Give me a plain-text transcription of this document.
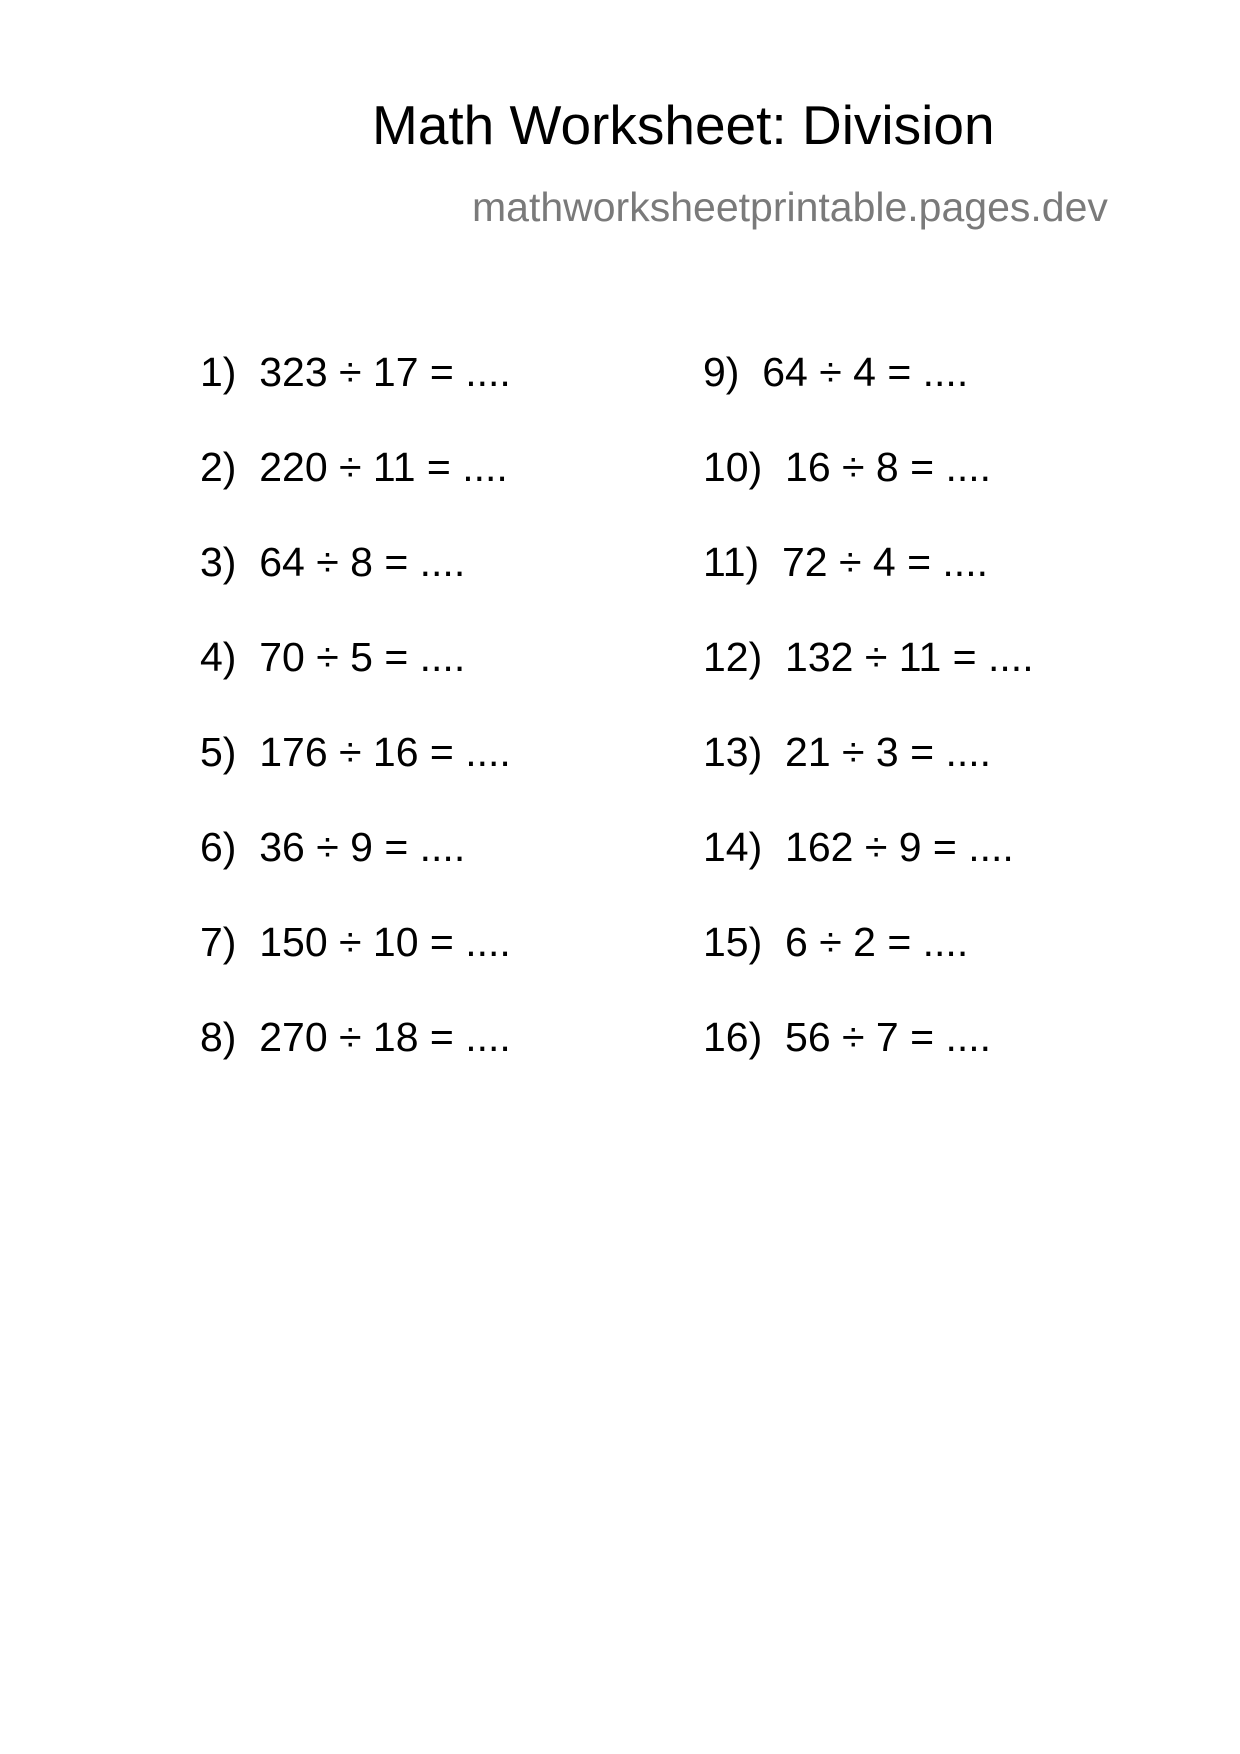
Math Worksheet: Division
mathworksheetprintable.pages.dev
1)  323 ÷ 17 = ....
2)  220 ÷ 11 = ....
3)  64 ÷ 8 = ....
4)  70 ÷ 5 = ....
5)  176 ÷ 16 = ....
6)  36 ÷ 9 = ....
7)  150 ÷ 10 = ....
8)  270 ÷ 18 = ....
9)  64 ÷ 4 = ....
10)  16 ÷ 8 = ....
11)  72 ÷ 4 = ....
12)  132 ÷ 11 = ....
13)  21 ÷ 3 = ....
14)  162 ÷ 9 = ....
15)  6 ÷ 2 = ....
16)  56 ÷ 7 = ....
